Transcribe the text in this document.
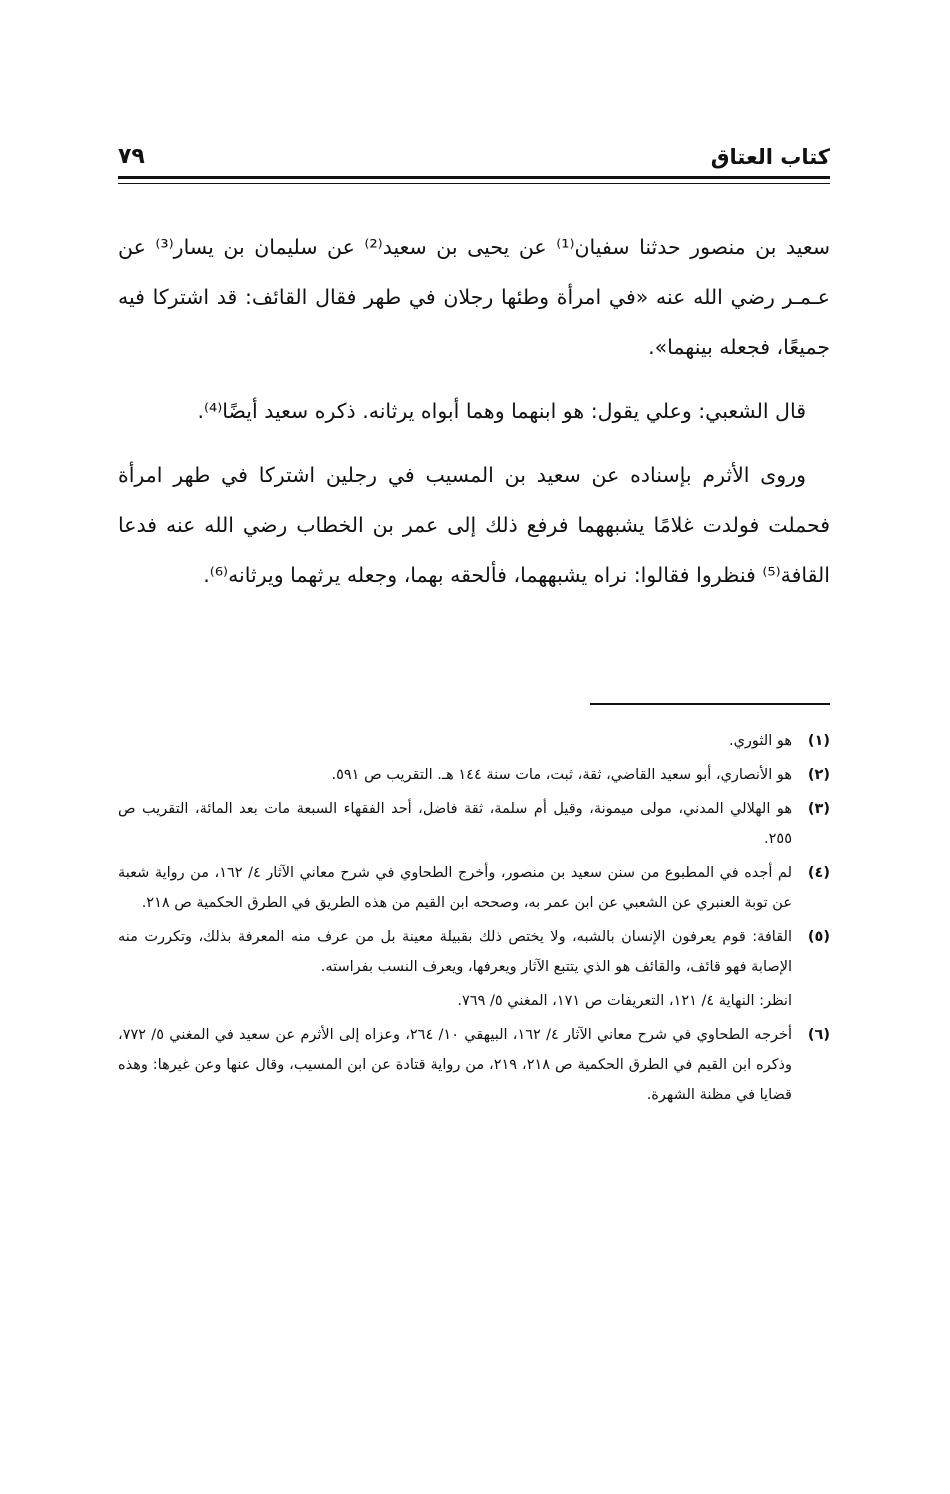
كتاب العتاق
٧٩

سعيد بن منصور حدثنا سفيان⁽¹⁾ عن يحيى بن سعيد⁽²⁾ عن سليمان بن يسار⁽³⁾ عن عـمـر رضي الله عنه «في امرأة وطئها رجلان في طهر فقال القائف: قد اشتركا فيه جميعًا، فجعله بينهما».

قال الشعبي: وعلي يقول: هو ابنهما وهما أبواه يرثانه. ذكره سعيد أيضًا⁽⁴⁾.

وروى الأثرم بإسناده عن سعيد بن المسيب في رجلين اشتركا في طهر امرأة فحملت فولدت غلامًا يشبههما فرفع ذلك إلى عمر بن الخطاب رضي الله عنه فدعا القافة⁽⁵⁾ فنظروا فقالوا: نراه يشبههما، فألحقه بهما، وجعله يرثهما ويرثانه⁽⁶⁾.

(١)
هو الثوري.
(٢)
هو الأنصاري، أبو سعيد القاضي، ثقة، ثبت، مات سنة ١٤٤ هـ. التقريب ص ٥٩١.
(٣)
هو الهلالي المدني، مولى ميمونة، وقيل أم سلمة، ثقة فاضل، أحد الفقهاء السبعة مات بعد المائة، التقريب ص ٢٥٥.
(٤)
لم أجده في المطبوع من سنن سعيد بن منصور، وأخرج الطحاوي في شرح معاني الآثار ٤/ ١٦٢، من رواية شعبة عن توبة العنبري عن الشعبي عن ابن عمر به، وصححه ابن القيم من هذه الطريق في الطرق الحكمية ص ٢١٨.
(٥)
القافة: قوم يعرفون الإنسان بالشبه، ولا يختص ذلك بقبيلة معينة بل من عرف منه المعرفة بذلك، وتكررت منه الإصابة فهو قائف، والقائف هو الذي يتتبع الآثار ويعرفها، ويعرف النسب بفراسته.
انظر: النهاية ٤/ ١٢١، التعريفات ص ١٧١، المغني ٥/ ٧٦٩.
(٦)
أخرجه الطحاوي في شرح معاني الآثار ٤/ ١٦٢، البيهقي ١٠/ ٢٦٤، وعزاه إلى الأثرم عن سعيد في المغني ٥/ ٧٧٢، وذكره ابن القيم في الطرق الحكمية ص ٢١٨، ٢١٩، من رواية قتادة عن ابن المسيب، وقال عنها وعن غيرها: وهذه قضايا في مظنة الشهرة.
